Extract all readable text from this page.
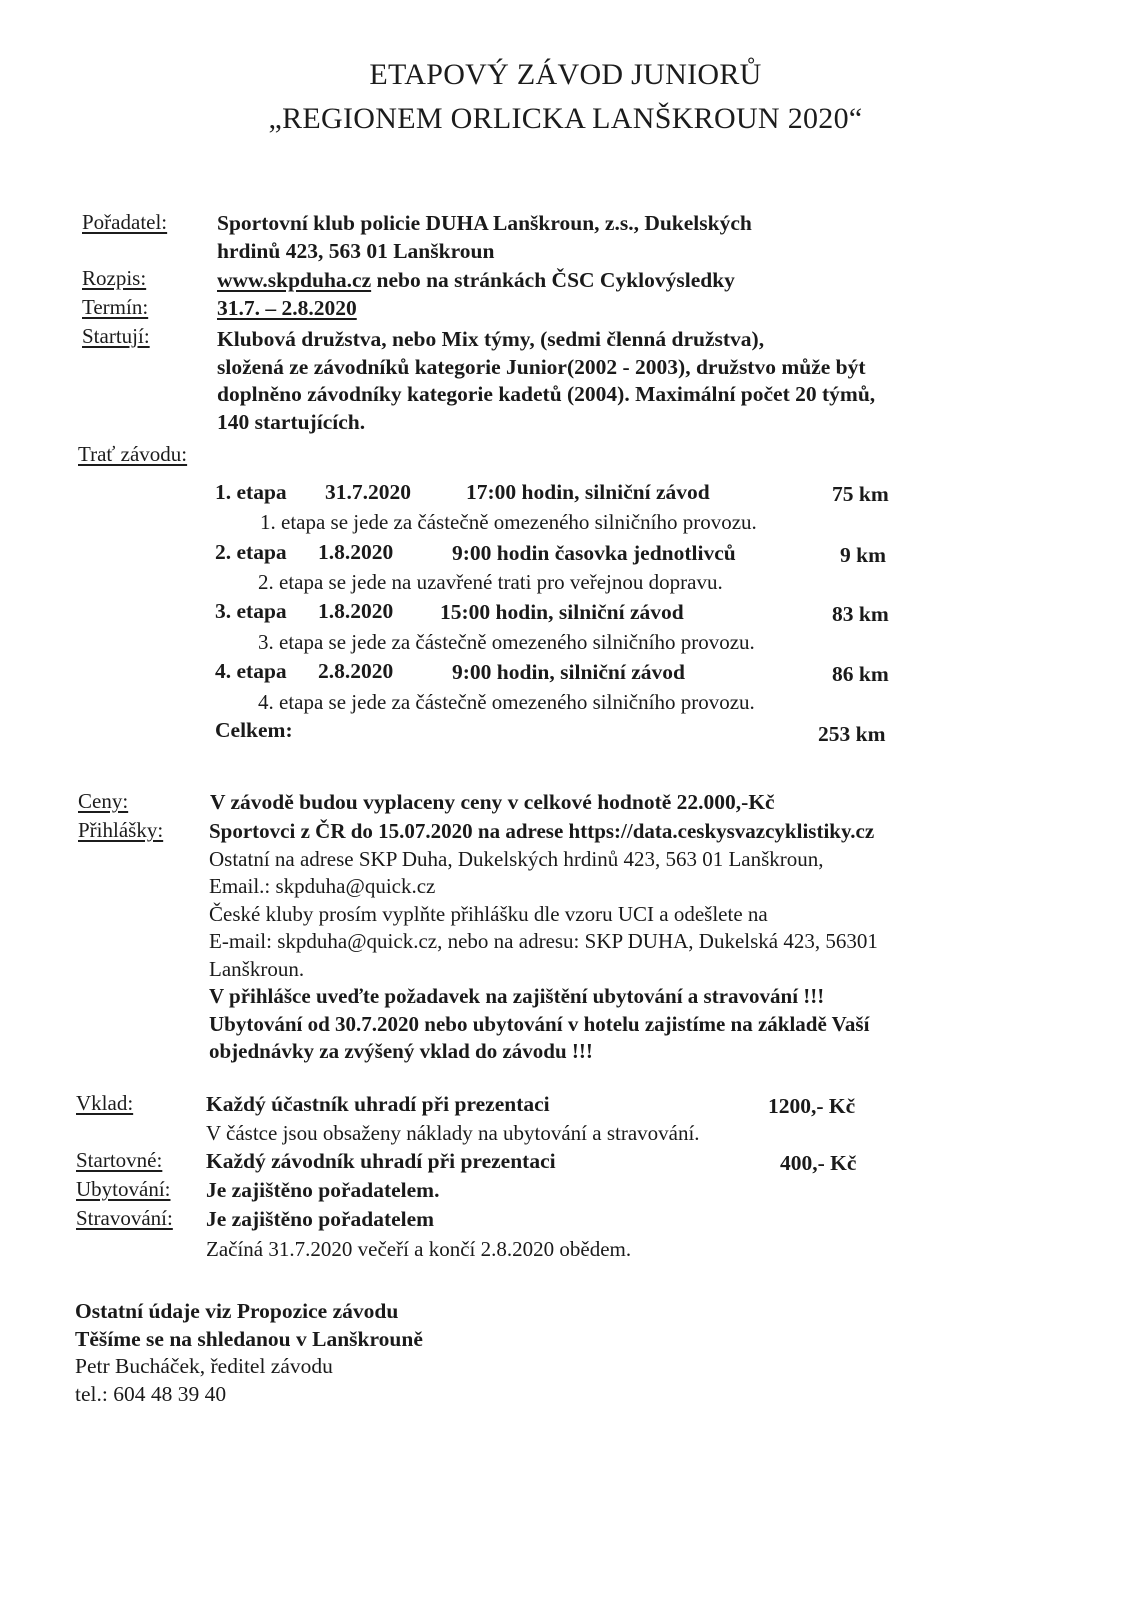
ETAPOVÝ ZÁVOD JUNIORŮ
„REGIONEM ORLICKA LANŠKROUN 2020“
Pořadatel: Sportovní klub policie DUHA Lanškroun, z.s., Dukelských
hrdinů 423, 563 01 Lanškroun
Rozpis:	www.skpduha.cz nebo na stránkách ČSC Cyklovýsledky
Termín:	31.7. – 2.8.2020
Startují:	Klubová družstva, nebo Mix týmy, (sedmi členná družstva),
složená ze závodníků kategorie Junior(2002 - 2003), družstvo může být
doplněno závodníky kategorie kadetů (2004). Maximální počet 20 týmů,
140 startujících.
Trať závodu:
1. etapa 31.7.2020	17:00 hodin, silniční závod	75 km
1. etapa se jede za částečně omezeného silničního provozu.
2. etapa 1.8.2020	9:00 hodin časovka jednotlivců	9 km
2. etapa se jede na uzavřené trati pro veřejnou dopravu.
3. etapa 1.8.2020 15:00 hodin, silniční závod	83 km
3. etapa se jede za částečně omezeného silničního provozu.
4. etapa 2.8.2020	9:00 hodin, silniční závod	86 km
4. etapa se jede za částečně omezeného silničního provozu.
Celkem:	253 km
Ceny:	V závodě budou vyplaceny ceny v celkové hodnotě 22.000,-Kč
Přihlášky: Sportovci z ČR do 15.07.2020 na adrese https://data.ceskysvazcyklistiky.cz
Ostatní na adrese SKP Duha, Dukelských hrdinů 423, 563 01 Lanškroun,
Email.: skpduha@quick.cz
České kluby prosím vyplňte přihlášku dle vzoru UCI a odešlete na
E-mail: skpduha@quick.cz, nebo na adresu: SKP DUHA, Dukelská 423, 56301
Lanškroun.
V přihlášce uveďte požadavek na zajištění ubytování a stravování !!!
Ubytování od 30.7.2020 nebo ubytování v hotelu zajistíme na základě Vaší
objednávky za zvýšený vklad do závodu !!!
Vklad:	Každý účastník uhradí při prezentaci	1200,- Kč
V částce jsou obsaženy náklady na ubytování a stravování.
Startovné: Každý závodník uhradí při prezentaci	400,- Kč
Ubytování: Je zajištěno pořadatelem.
Stravování: Je zajištěno pořadatelem
Začíná 31.7.2020 večeří a končí 2.8.2020 obědem.
Ostatní údaje viz Propozice závodu
Těšíme se na shledanou v Lanškrouně
Petr Bucháček, ředitel závodu
tel.: 604 48 39 40
